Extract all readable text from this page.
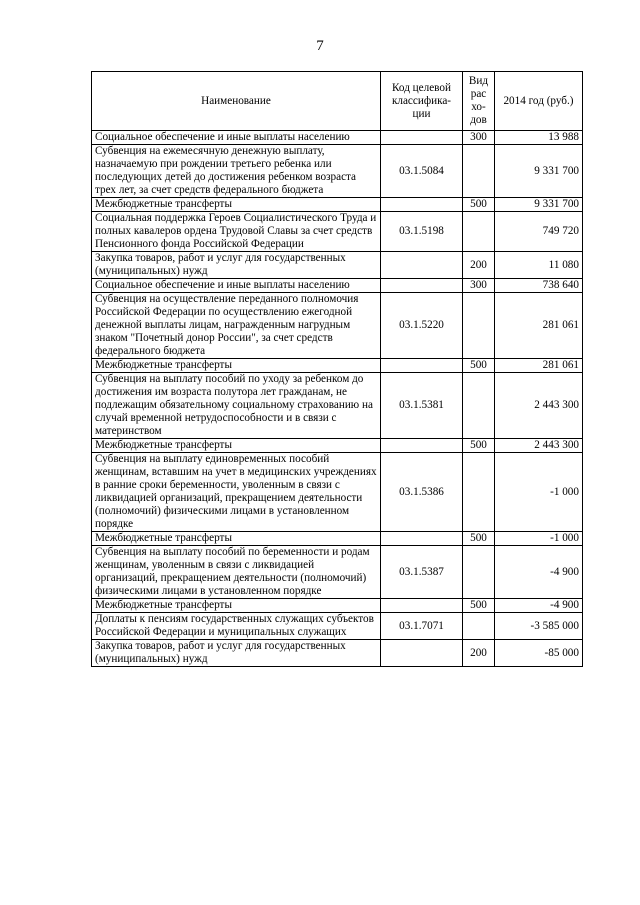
7
Наименование	Код целевой классифика-ции	Вид рас хо-дов	2014 год (руб.)
Социальное обеспечение и иные выплаты населению		300	13 988
Субвенция на ежемесячную денежную выплату, назначаемую при рождении третьего ребенка или последующих детей до достижения ребенком возраста трех лет, за счет средств федерального бюджета	03.1.5084		9 331 700
Межбюджетные трансферты		500	9 331 700
Социальная поддержка Героев Социалистического Труда и полных кавалеров ордена Трудовой Славы за счет средств Пенсионного фонда Российской Федерации	03.1.5198		749 720
Закупка товаров, работ и услуг для государственных (муниципальных) нужд		200	11 080
Социальное обеспечение и иные выплаты населению		300	738 640
Субвенция на осуществление переданного полномочия Российской Федерации по осуществлению ежегодной денежной выплаты лицам, награжденным нагрудным знаком "Почетный донор России", за счет средств федерального бюджета	03.1.5220		281 061
Межбюджетные трансферты		500	281 061
Субвенция на выплату пособий по уходу за ребенком до достижения им возраста полутора лет гражданам, не подлежащим обязательному социальному страхованию на случай временной нетрудоспособности и в связи с материнством	03.1.5381		2 443 300
Межбюджетные трансферты		500	2 443 300
Субвенция на выплату единовременных пособий женщинам, вставшим на учет в медицинских учреждениях в ранние сроки беременности, уволенным в связи с ликвидацией организаций, прекращением деятельности (полномочий) физическими лицами в установленном порядке	03.1.5386		-1 000
Межбюджетные трансферты		500	-1 000
Субвенция на выплату пособий по беременности и родам женщинам, уволенным в связи с ликвидацией организаций, прекращением деятельности (полномочий) физическими лицами в установленном порядке	03.1.5387		-4 900
Межбюджетные трансферты		500	-4 900
Доплаты к пенсиям государственных служащих субъектов Российской Федерации и муниципальных служащих	03.1.7071		-3 585 000
Закупка товаров, работ и услуг для государственных (муниципальных) нужд		200	-85 000
